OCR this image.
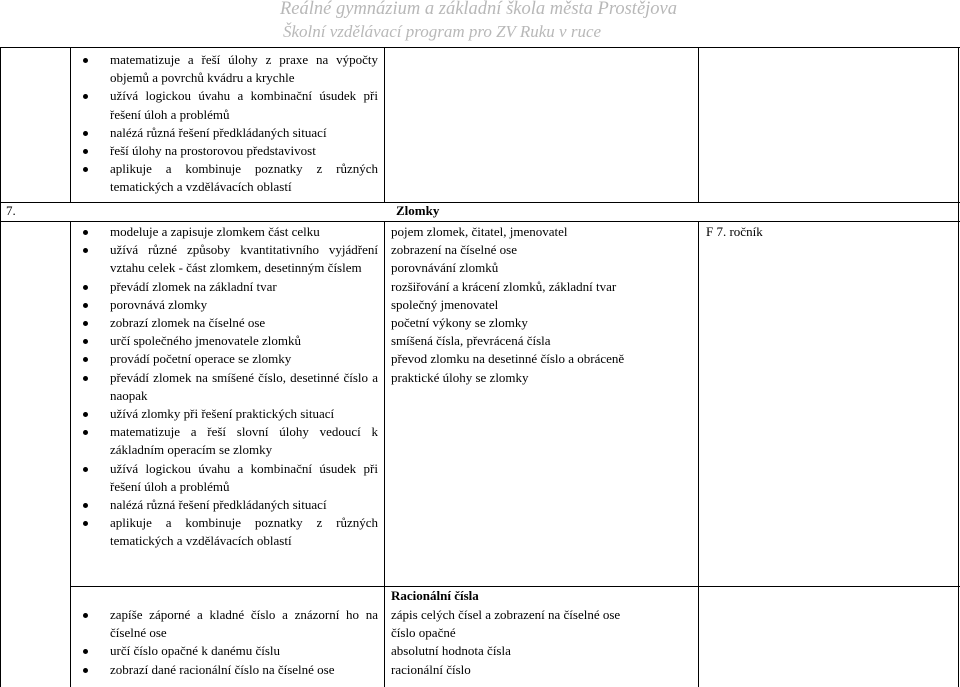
Reálné gymnázium a základní škola města Prostějova
Školní vzdělávací program pro ZV Ruku v ruce
matematizuje a řeší úlohy z praxe na výpočty objemů a povrchů kvádru a krychle
užívá logickou úvahu a kombinační úsudek při řešení úloh a problémů
nalézá různá řešení předkládaných situací
řeší úlohy na prostorovou představivost
aplikuje a kombinuje poznatky z různých tematických a vzdělávacích oblastí
7.	Zlomky
modeluje a zapisuje zlomkem část celku
užívá různé způsoby kvantitativního vyjádření vztahu celek - část zlomkem, desetinným číslem
převádí zlomek na základní tvar
porovnává zlomky
zobrazí zlomek na číselné ose
určí společného jmenovatele zlomků
provádí početní operace se zlomky
převádí zlomek na smíšené číslo, desetinné číslo a naopak
užívá zlomky při řešení praktických situací
matematizuje a řeší slovní úlohy vedoucí k základním operacím se zlomky
užívá logickou úvahu a kombinační úsudek při řešení úloh a problémů
nalézá různá řešení předkládaných situací
aplikuje a kombinuje poznatky z různých tematických a vzdělávacích oblastí
pojem zlomek, čitatel, jmenovatel
zobrazení na číselné ose
porovnávání zlomků
rozšiřování a krácení zlomků, základní tvar
společný jmenovatel
početní výkony se zlomky
smíšená čísla, převrácená čísla
převod zlomku na desetinné číslo a obráceně
praktické úlohy se zlomky
F 7. ročník
Racionální čísla
zapíše záporné a kladné číslo a znázorní ho na číselné ose
určí číslo opačné k danému číslu
zobrazí dané racionální číslo na číselné ose
zápis celých čísel a zobrazení na číselné ose
číslo opačné
absolutní hodnota čísla
racionální číslo
